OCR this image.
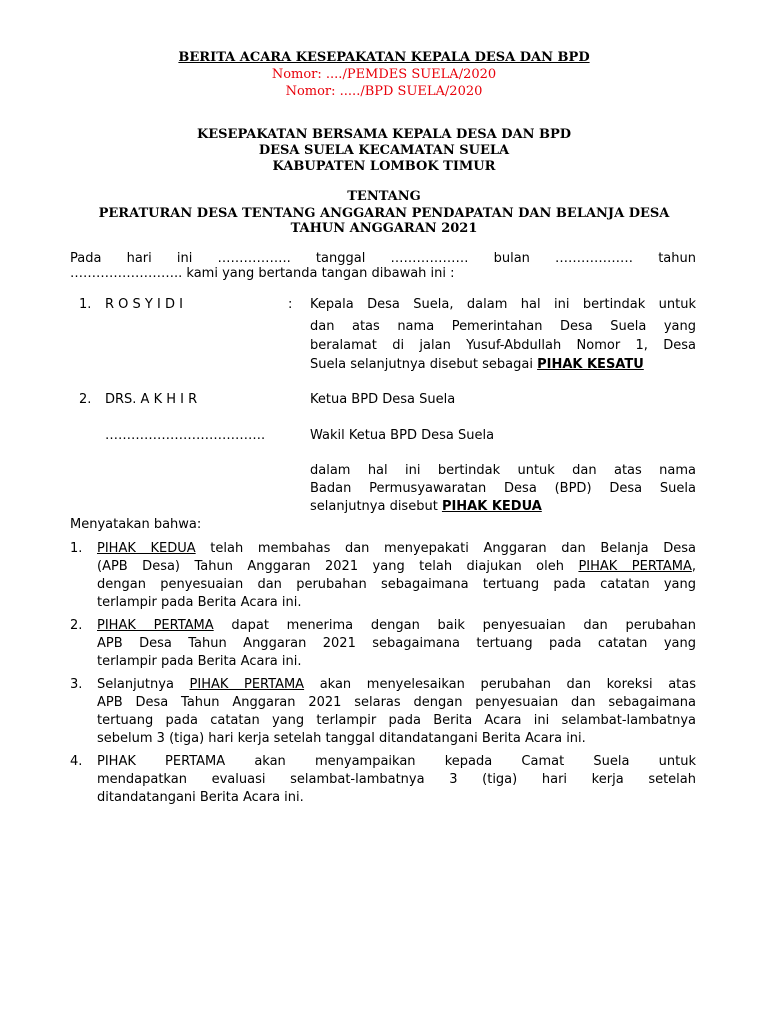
BERITA ACARA KESEPAKATAN KEPALA DESA DAN BPD
Nomor: ..../PEMDES SUELA/2020
Nomor: ...../BPD SUELA/2020
KESEPAKATAN BERSAMA KEPALA DESA DAN BPD
DESA SUELA KECAMATAN SUELA
KABUPATEN LOMBOK TIMUR
TENTANG
PERATURAN DESA TENTANG ANGGARAN PENDAPATAN DAN BELANJA DESA
TAHUN ANGGARAN 2021
Pada hari ini …………….. tanggal ……………… bulan ……………… tahun
…………………….. kami yang bertanda tangan dibawah ini :
1. R O S Y I D I	: Kepala Desa Suela, dalam hal ini bertindak untuk
dan atas nama Pemerintahan Desa Suela yang
beralamat di jalan Yusuf-Abdullah Nomor 1, Desa
Suela selanjutnya disebut sebagai PIHAK KESATU
2. DRS. A K H I R	Ketua BPD Desa Suela
……………………………….	Wakil Ketua BPD Desa Suela
dalam hal ini bertindak untuk dan atas nama
Badan Permusyawaratan Desa (BPD) Desa Suela
selanjutnya disebut PIHAK KEDUA
Menyatakan bahwa:
1. PIHAK KEDUA telah membahas dan menyepakati Anggaran dan Belanja Desa
(APB Desa) Tahun Anggaran 2021 yang telah diajukan oleh PIHAK PERTAMA,
dengan penyesuaian dan perubahan sebagaimana tertuang pada catatan yang
terlampir pada Berita Acara ini.
2. PIHAK PERTAMA dapat menerima dengan baik penyesuaian dan perubahan
APB Desa Tahun Anggaran 2021 sebagaimana tertuang pada catatan yang
terlampir pada Berita Acara ini.
3. Selanjutnya PIHAK PERTAMA akan menyelesaikan perubahan dan koreksi atas
APB Desa Tahun Anggaran 2021 selaras dengan penyesuaian dan sebagaimana
tertuang pada catatan yang terlampir pada Berita Acara ini selambat-lambatnya
sebelum 3 (tiga) hari kerja setelah tanggal ditandatangani Berita Acara ini.
4. PIHAK PERTAMA akan menyampaikan kepada Camat Suela untuk
mendapatkan evaluasi selambat-lambatnya 3 (tiga) hari kerja setelah
ditandatangani Berita Acara ini.
